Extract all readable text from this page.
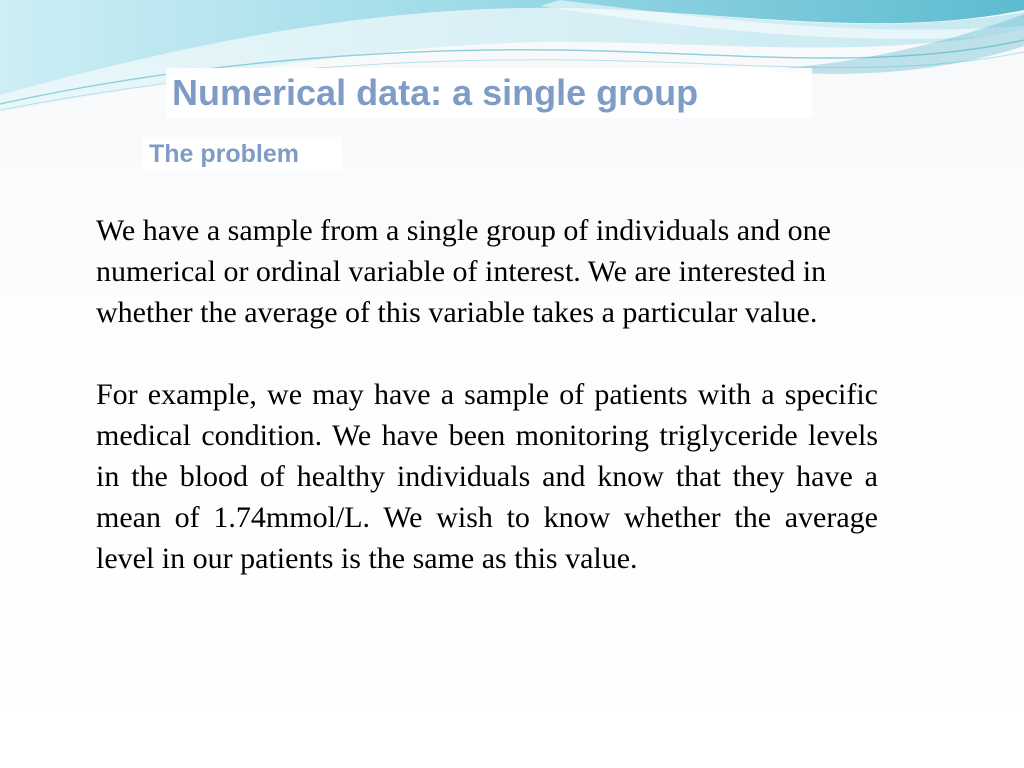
Numerical data: a single group
The problem

We have a sample from a single group of individuals and one numerical or ordinal variable of interest. We are interested in whether the average of this variable takes a particular value.

For example, we may have a sample of patients with a specific medical condition. We have been monitoring triglyceride levels in the blood of healthy individuals and know that they have a mean of 1.74mmol/L. We wish to know whether the average level in our patients is the same as this value.
